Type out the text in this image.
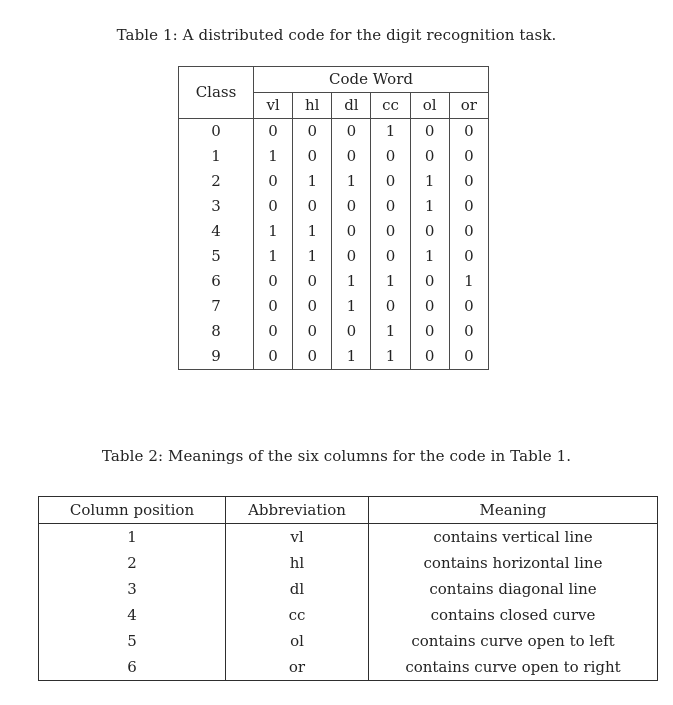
Table 1: A distributed code for the digit recognition task.
Class	Code Word					
	vl	hl	dl	cc	ol	or
0	0	0	0	1	0	0
1	1	0	0	0	0	0
2	0	1	1	0	1	0
3	0	0	0	0	1	0
4	1	1	0	0	0	0
5	1	1	0	0	1	0
6	0	0	1	1	0	1
7	0	0	1	0	0	0
8	0	0	0	1	0	0
9	0	0	1	1	0	0
Table 2: Meanings of the six columns for the code in Table 1.
Column position	Abbreviation	Meaning
1	vl	contains vertical line
2	hl	contains horizontal line
3	dl	contains diagonal line
4	cc	contains closed curve
5	ol	contains curve open to left
6	or	contains curve open to right
